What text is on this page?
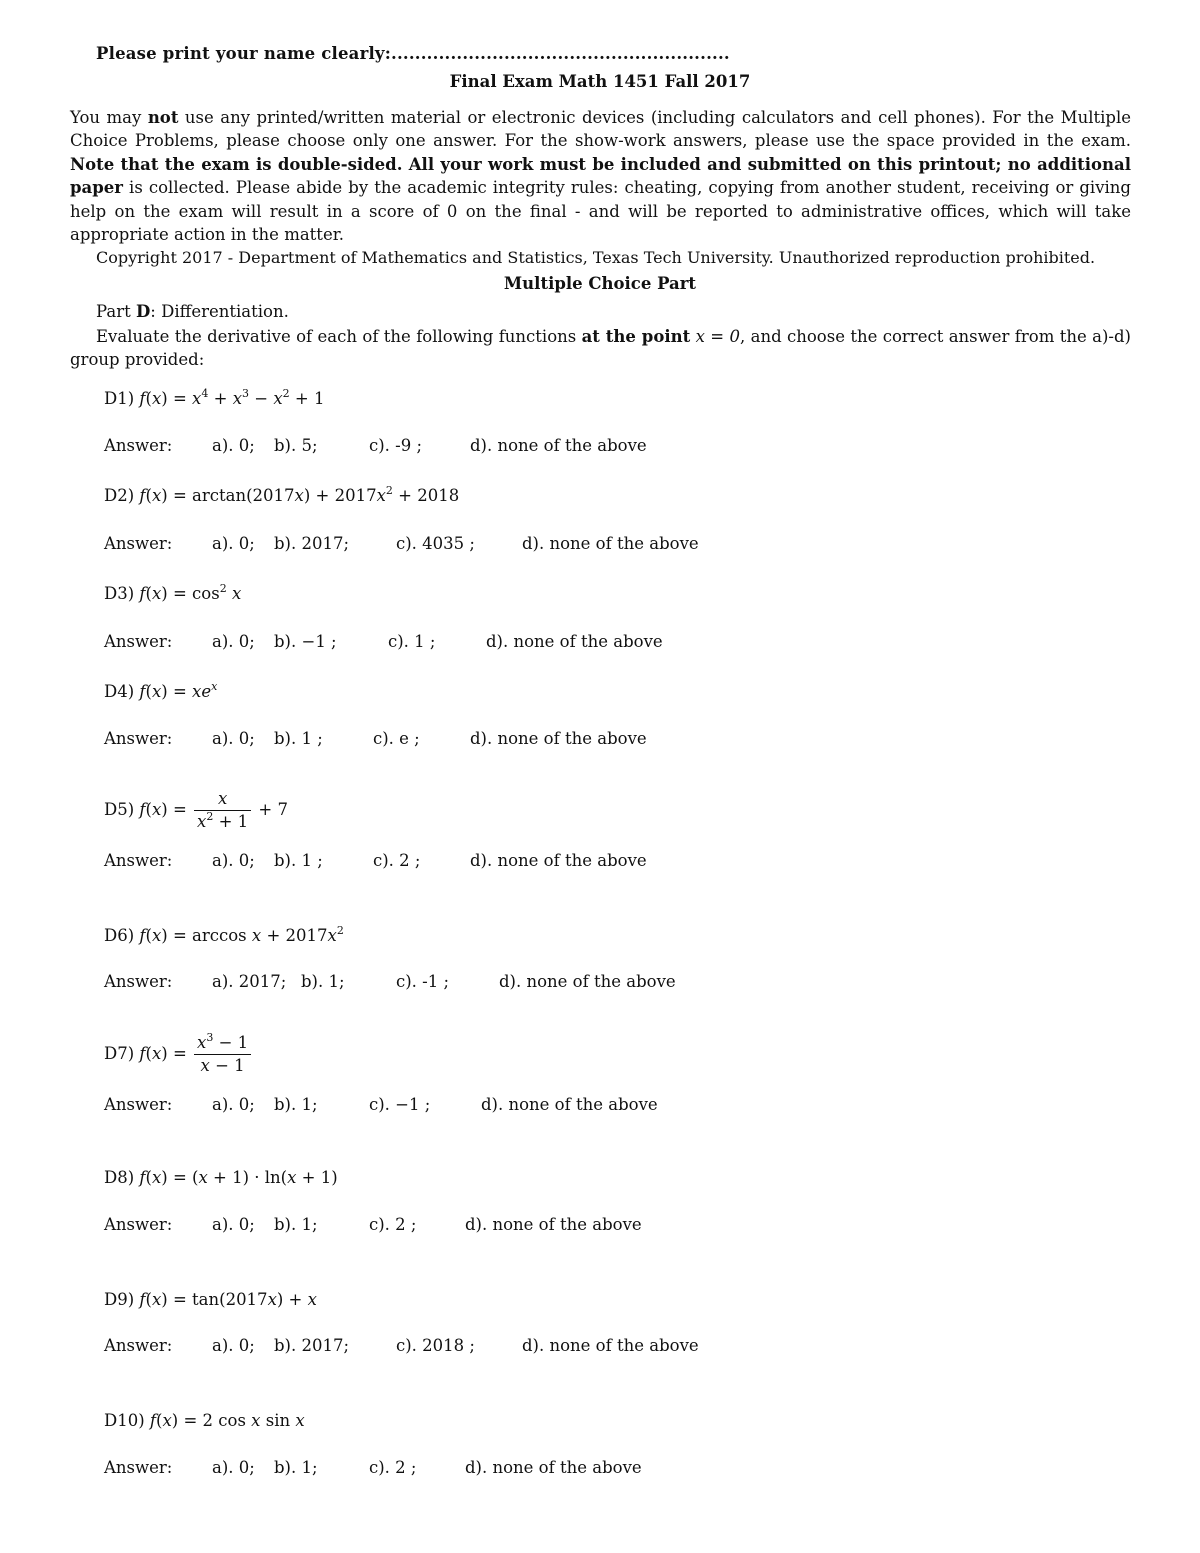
Please print your name clearly:.........................................................
Final Exam Math 1451 Fall 2017

You may not use any printed/written material or electronic devices (including calculators and cell phones). For the Multiple Choice Problems, please choose only one answer. For the show-work answers, please use the space provided in the exam. Note that the exam is double-sided. All your work must be included and submitted on this printout; no additional paper is collected. Please abide by the academic integrity rules: cheating, copying from another student, receiving or giving help on the exam will result in a score of 0 on the final - and will be reported to administrative offices, which will take appropriate action in the matter.

Copyright 2017 - Department of Mathematics and Statistics, Texas Tech University. Unauthorized reproduction prohibited.
Multiple Choice Part
Part D: Differentiation.
Evaluate the derivative of each of the following functions at the point x = 0, and choose the correct answer from the a)-d) group provided:
D1) $f(x) = x^4 + x^3 - x^2 + 1$
Answer: a). 0; b). 5;	c). -9 ;	d). none of the above
D2) $f(x) = \arctan(2017x) + 2017x^2 + 2018$
Answer: a). 0; b). 2017;	c). 4035 ;	d). none of the above
D3) $f(x) = \cos^2 x$
Answer: a). 0; b). −1 ;	c). 1 ;	d). none of the above
D4) $f(x) = xe^x$
Answer: a). 0; b). 1 ;	c). e ;	d). none of the above
D5) $f(x) = \frac{x}{x^2 + 1} + 7$
Answer: a). 0; b). 1 ;	c). 2 ;	d). none of the above
D6) $f(x) = \arccos x + 2017x^2$
Answer: a). 2017; b). 1;	c). -1 ;	d). none of the above
D7) $f(x) = \frac{x^3 - 1}{x - 1}$
Answer: a). 0; b). 1;	c). −1 ;	d). none of the above
D8) f(x) = (x + 1) · ln(x + 1)
Answer: a). 0; b). 1;	c). 2 ;	d). none of the above
D9) f(x) = tan(2017x) + x
Answer: a). 0; b). 2017;	c). 2018 ;	d). none of the above
D10) f(x) = 2 cos x sin x
Answer: a). 0; b). 1;	c). 2 ;	d). none of the above
